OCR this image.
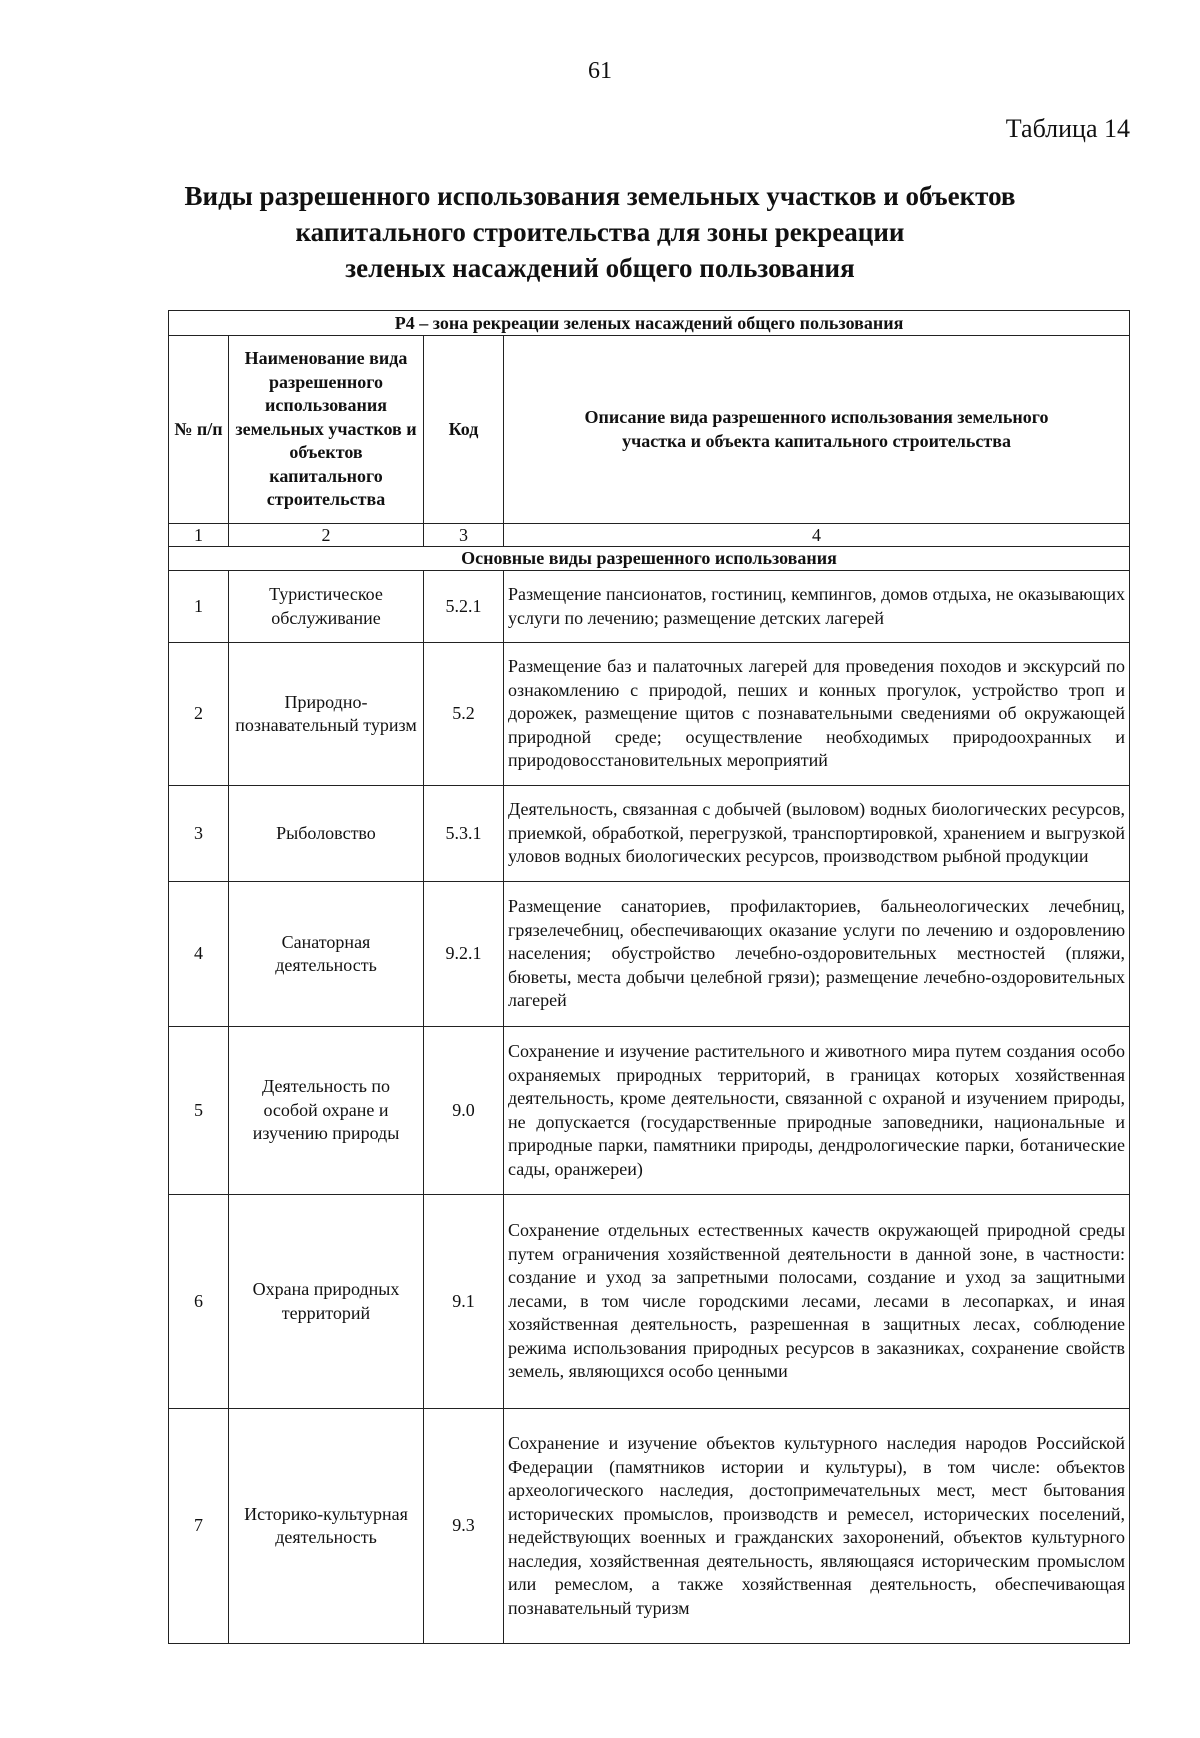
61
Таблица 14
Виды разрешенного использования земельных участков и объектов
капитального строительства для зоны рекреации
зеленых насаждений общего пользования
Р4 – зона рекреации зеленых насаждений общего пользования			
№ п/п	Наименование вида разрешенного использования земельных участков и объектов капитального строительства	Код	Описание вида разрешенного использования земельного участка и объекта капитального строительства
1	2	3	4
Основные виды разрешенного использования			
1	Туристическое обслуживание	5.2.1	Размещение пансионатов, гостиниц, кемпингов, домов отдыха, не оказывающих услуги по лечению; размещение детских лагерей
2	Природно-познавательный туризм	5.2	Размещение баз и палаточных лагерей для проведения походов и экскурсий по ознакомлению с природой, пеших и конных прогулок, устройство троп и дорожек, размещение щитов с познавательными сведениями об окружающей природной среде; осуществление необходимых природоохранных и природовосстановительных мероприятий
3	Рыболовство	5.3.1	Деятельность, связанная с добычей (выловом) водных биологических ресурсов, приемкой, обработкой, перегрузкой, транспортировкой, хранением и выгрузкой уловов водных биологических ресурсов, производством рыбной продукции
4	Санаторная деятельность	9.2.1	Размещение санаториев, профилакториев, бальнеологических лечебниц, грязелечебниц, обеспечивающих оказание услуги по лечению и оздоровлению населения; обустройство лечебно-оздоровительных местностей (пляжи, бюветы, места добычи целебной грязи); размещение лечебно-оздоровительных лагерей
5	Деятельность по особой охране и изучению природы	9.0	Сохранение и изучение растительного и животного мира путем создания особо охраняемых природных территорий, в границах которых хозяйственная деятельность, кроме деятельности, связанной с охраной и изучением природы, не допускается (государственные природные заповедники, национальные и природные парки, памятники природы, дендрологические парки, ботанические сады, оранжереи)
6	Охрана природных территорий	9.1	Сохранение отдельных естественных качеств окружающей природной среды путем ограничения хозяйственной деятельности в данной зоне, в частности: создание и уход за запретными полосами, создание и уход за защитными лесами, в том числе городскими лесами, лесами в лесопарках, и иная хозяйственная деятельность, разрешенная в защитных лесах, соблюдение режима использования природных ресурсов в заказниках, сохранение свойств земель, являющихся особо ценными
7	Историко-культурная деятельность	9.3	Сохранение и изучение объектов культурного наследия народов Российской Федерации (памятников истории и культуры), в том числе: объектов археологического наследия, достопримечательных мест, мест бытования исторических промыслов, производств и ремесел, исторических поселений, недействующих военных и гражданских захоронений, объектов культурного наследия, хозяйственная деятельность, являющаяся историческим промыслом или ремеслом, а также хозяйственная деятельность, обеспечивающая познавательный туризм
